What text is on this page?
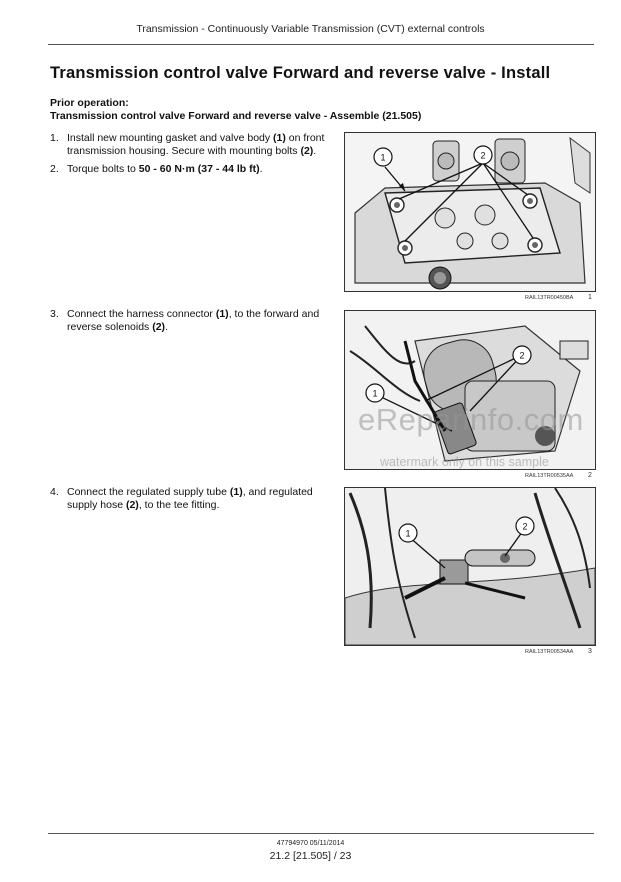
Transmission - Continuously Variable Transmission (CVT) external controls
Transmission control valve Forward and reverse valve - Install
Prior operation:
Transmission control valve Forward and reverse valve - Assemble (21.505)
1. Install new mounting gasket and valve body (1) on front
transmission housing. Secure with mounting bolts (2).
2. Torque bolts to 50 - 60 N·m (37 - 44 lb ft).
3. Connect the harness connector (1), to the forward and
reverse solenoids (2).
4. Connect the regulated supply tube (1), and regulated
supply hose (2), to the tee fitting.
1	2
RAIL13TR00450BA 1
2
1
RAIL13TR00535AA 2
eReparinfo.com
watermark only on this sample
1
2
RAIL13TR00534AA 3
47794970 05/11/2014
21.2 [21.505] / 23
